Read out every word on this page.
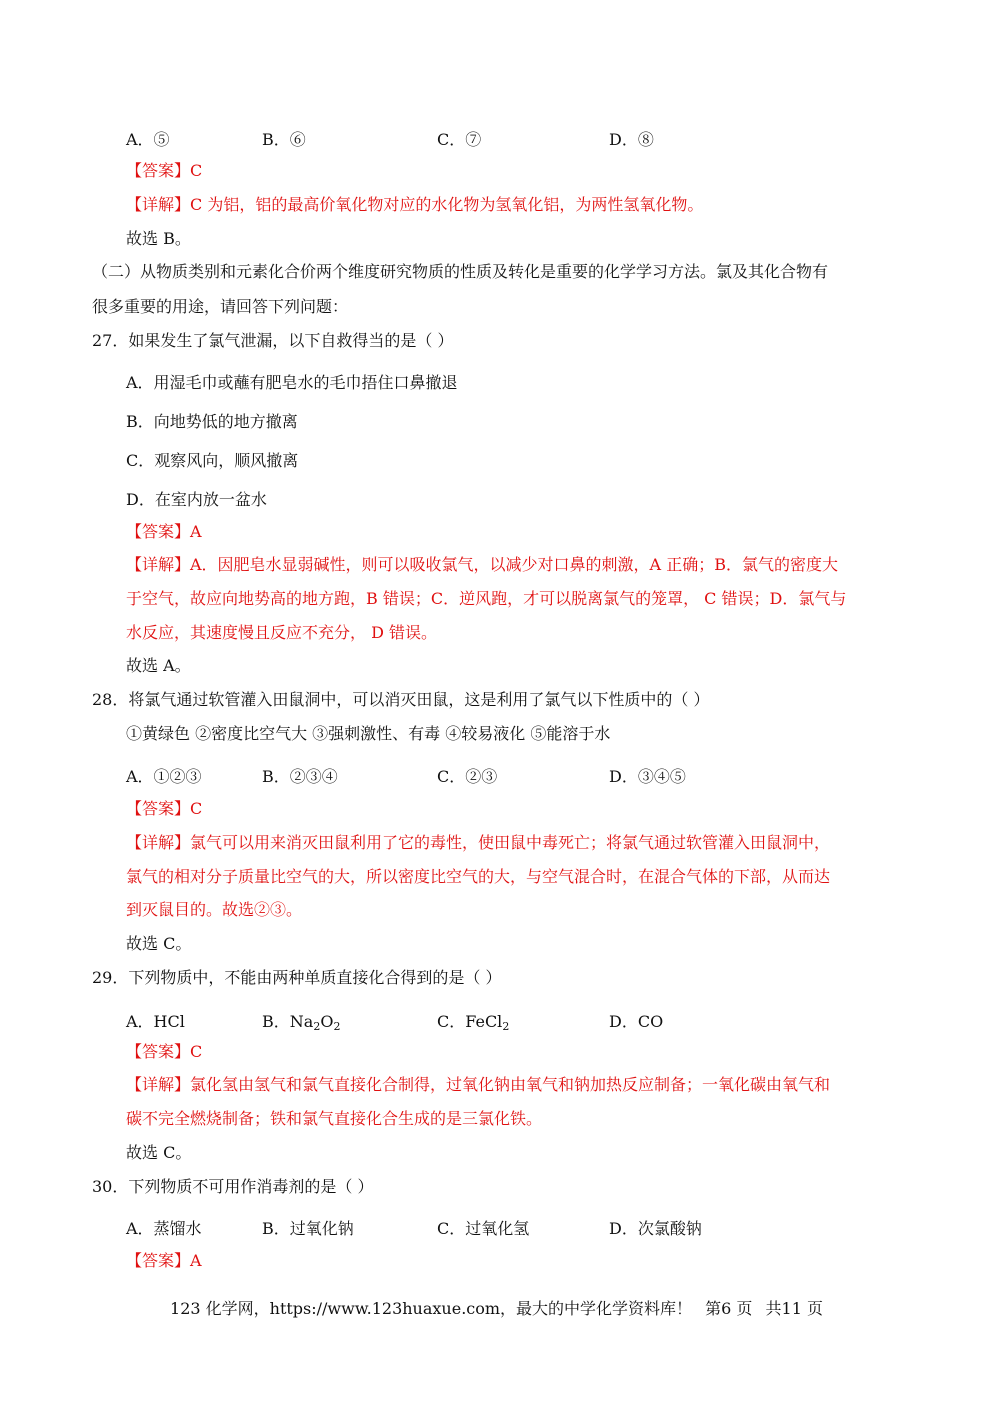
A．⑤	B．⑥	C．⑦	D．⑧
【答案】C
【详解】C 为铝，铝的最高价氧化物对应的水化物为氢氧化铝，为两性氢氧化物。
故选 B。
（二）从物质类别和元素化合价两个维度研究物质的性质及转化是重要的化学学习方法。氯及其化合物有
很多重要的用途，请回答下列问题：
27．如果发生了氯气泄漏，以下自救得当的是（ ）
A．用湿毛巾或蘸有肥皂水的毛巾捂住口鼻撤退
B．向地势低的地方撤离
C．观察风向，顺风撤离
D．在室内放一盆水
【答案】A
【详解】A．因肥皂水显弱碱性，则可以吸收氯气，以减少对口鼻的刺激，A 正确；B．氯气的密度大
于空气，故应向地势高的地方跑，B 错误；C．逆风跑，才可以脱离氯气的笼罩， C 错误；D．氯气与
水反应，其速度慢且反应不充分， D 错误。
故选 A。
28．将氯气通过软管灌入田鼠洞中，可以消灭田鼠，这是利用了氯气以下性质中的（ ）
①黄绿色 ②密度比空气大 ③强刺激性、有毒 ④较易液化 ⑤能溶于水
A．①②③	B．②③④	C．②③	D．③④⑤
【答案】C
【详解】氯气可以用来消灭田鼠利用了它的毒性，使田鼠中毒死亡；将氯气通过软管灌入田鼠洞中，
氯气的相对分子质量比空气的大，所以密度比空气的大，与空气混合时，在混合气体的下部，从而达
到灭鼠目的。故选②③。
故选 C。
29．下列物质中，不能由两种单质直接化合得到的是（ ）
A．HCl	B．$Na_2O_2$	C．FeCl$_2$	D．CO
【答案】C
【详解】氯化氢由氢气和氯气直接化合制得，过氧化钠由氧气和钠加热反应制备；一氧化碳由氧气和
碳不完全燃烧制备；铁和氯气直接化合生成的是三氯化铁。
故选 C。
30．下列物质不可用作消毒剂的是（ ）
A．蒸馏水	B．过氧化钠	C．过氧化氢	D．次氯酸钠
【答案】A
123 化学网，https://www.123huaxue.com，最大的中学化学资料库！ 第6 页 共11 页
